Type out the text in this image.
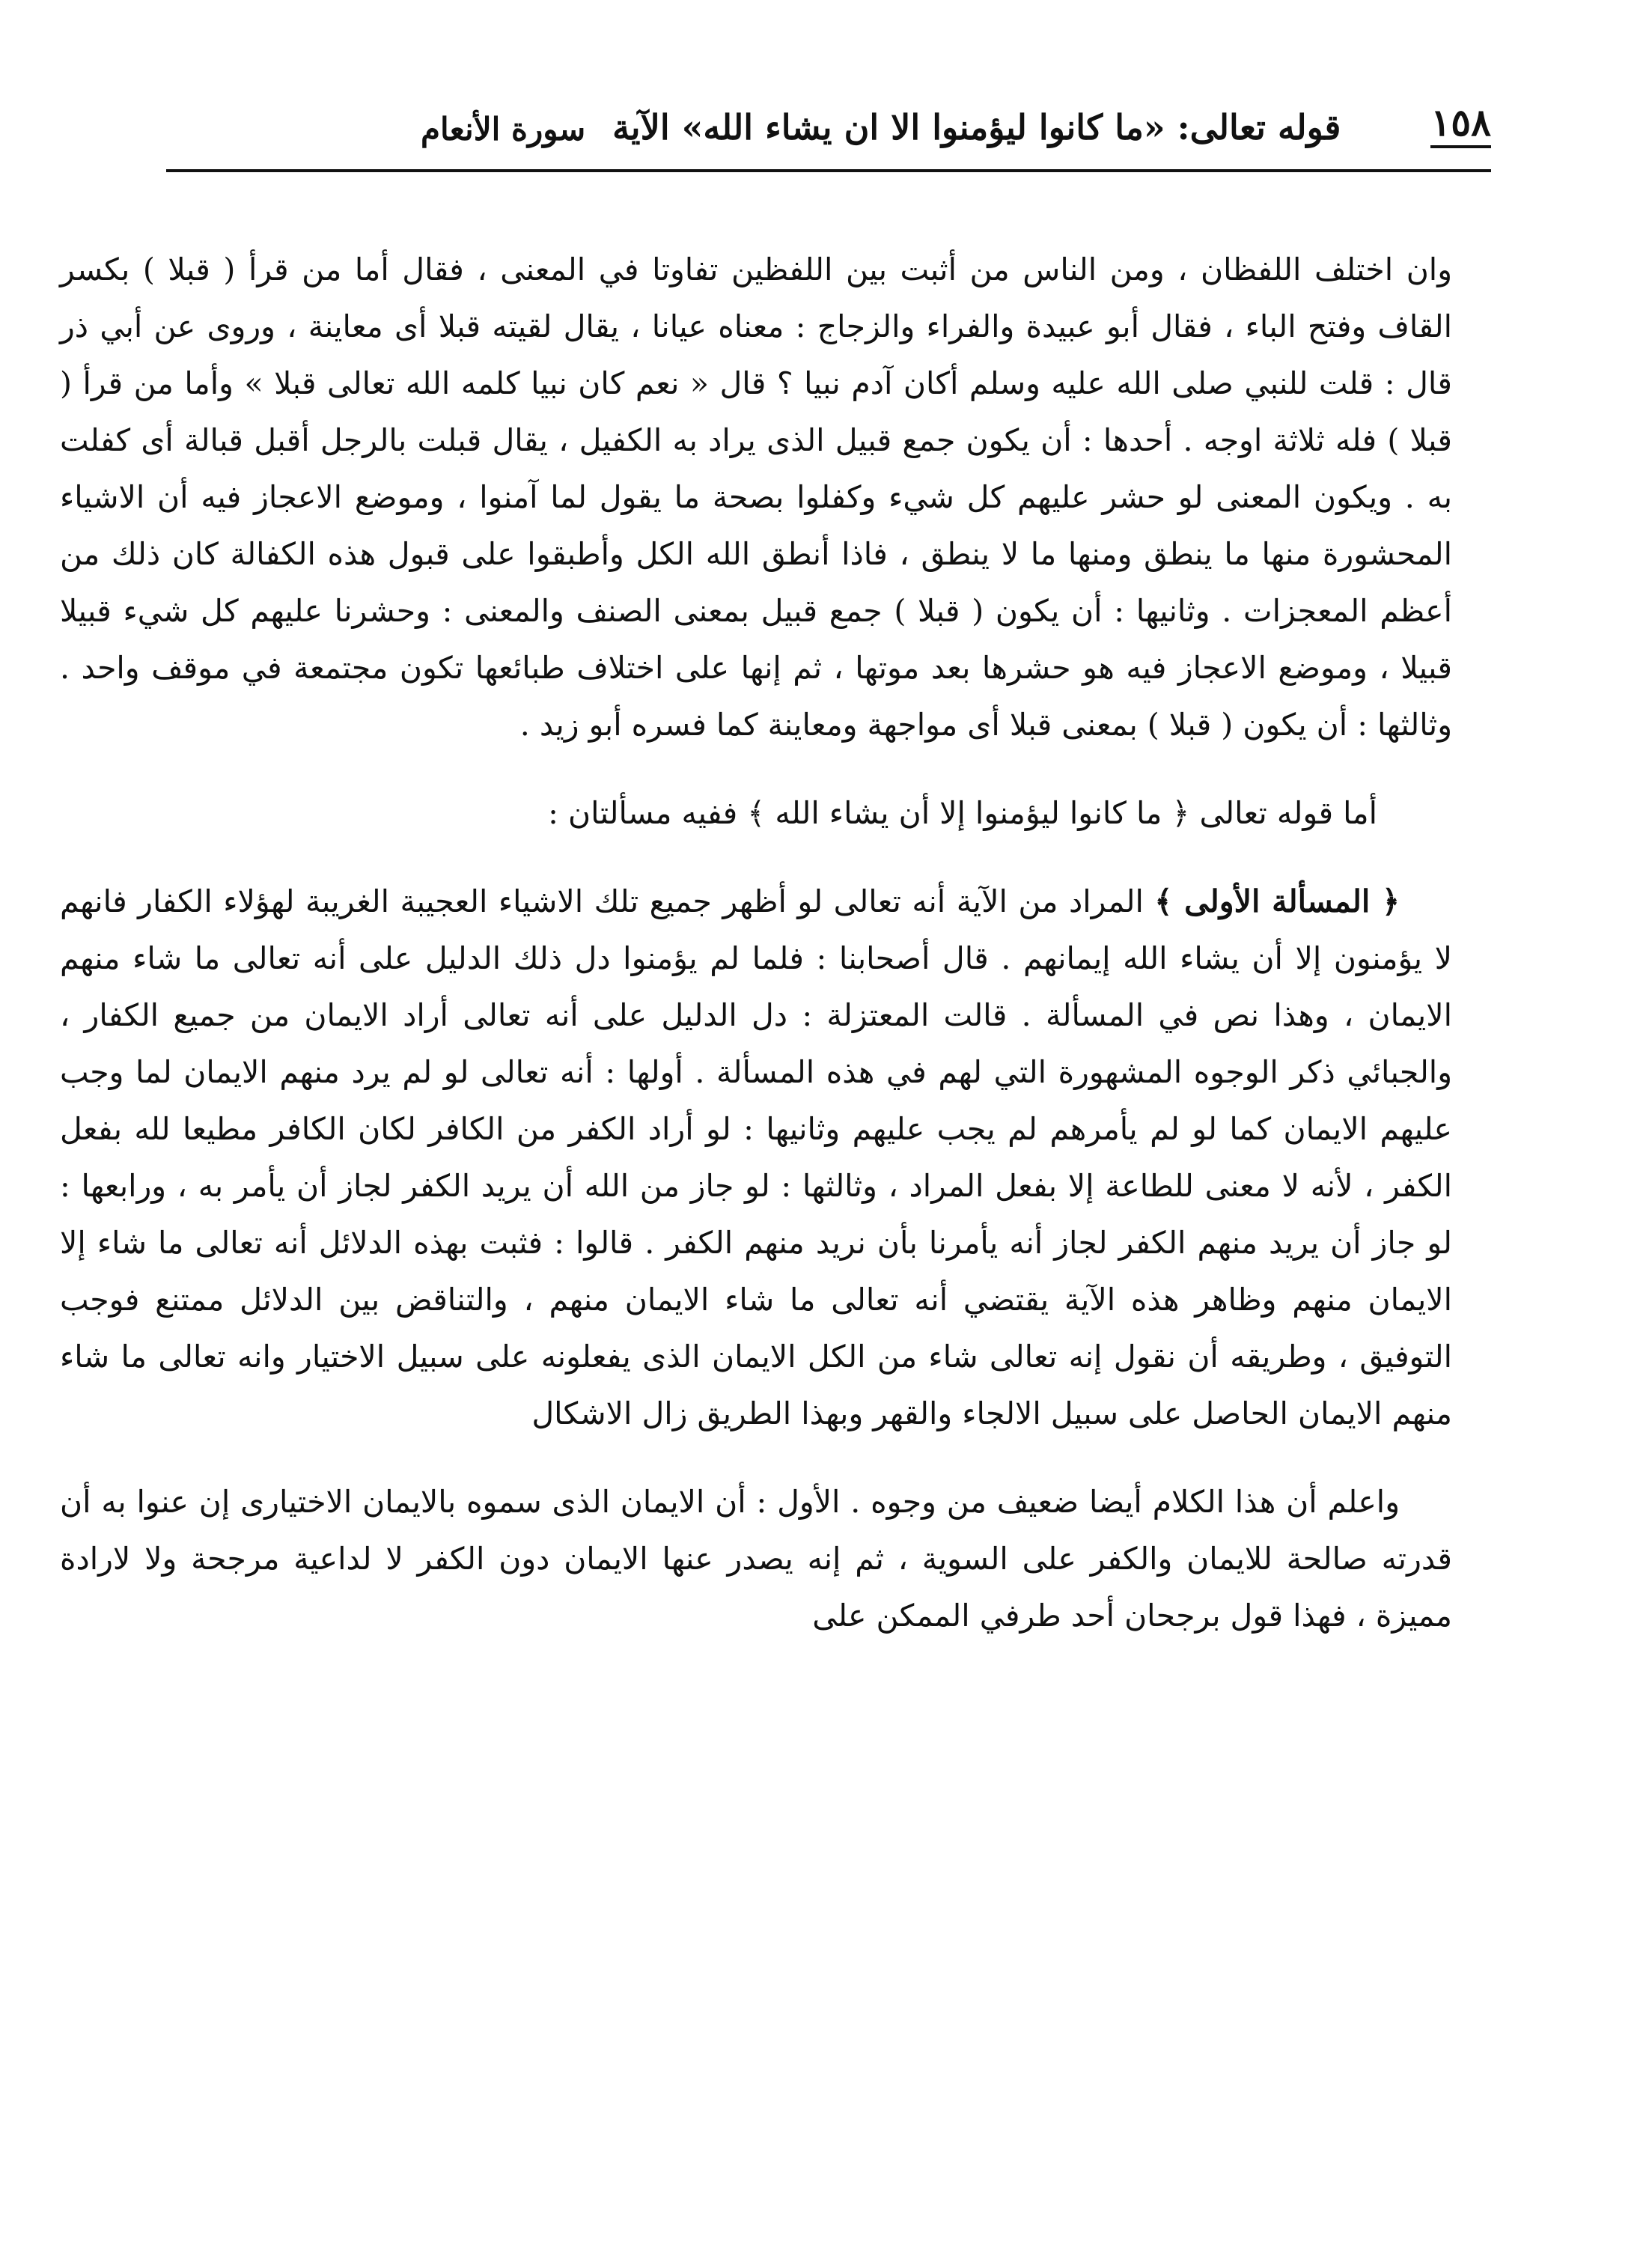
١٥٨
قوله تعالى: «ما كانوا ليؤمنوا الا ان يشاء الله» الآية
سورة الأنعام

وان اختلف اللفظان ، ومن الناس من أثبت بين اللفظين تفاوتا في المعنى ، فقال أما من قرأ ( قبلا ) بكسر القاف وفتح الباء ، فقال أبو عبيدة والفراء والزجاج : معناه عيانا ، يقال لقيته قبلا أى معاينة ، وروى عن أبي ذر قال : قلت للنبي صلى الله عليه وسلم أكان آدم نبيا ؟ قال « نعم كان نبيا كلمه الله تعالى قبلا » وأما من قرأ ( قبلا ) فله ثلاثة اوجه . أحدها : أن يكون جمع قبيل الذى يراد به الكفيل ، يقال قبلت بالرجل أقبل قبالة أى كفلت به . ويكون المعنى لو حشر عليهم كل شيء وكفلوا بصحة ما يقول لما آمنوا ، وموضع الاعجاز فيه أن الاشياء المحشورة منها ما ينطق ومنها ما لا ينطق ، فاذا أنطق الله الكل وأطبقوا على قبول هذه الكفالة كان ذلك من أعظم المعجزات . وثانيها : أن يكون ( قبلا ) جمع قبيل بمعنى الصنف والمعنى : وحشرنا عليهم كل شيء قبيلا قبيلا ، وموضع الاعجاز فيه هو حشرها بعد موتها ، ثم إنها على اختلاف طبائعها تكون مجتمعة في موقف واحد . وثالثها : أن يكون ( قبلا ) بمعنى قبلا أى مواجهة ومعاينة كما فسره أبو زيد .

أما قوله تعالى ﴿ ما كانوا ليؤمنوا إلا أن يشاء الله ﴾ ففيه مسألتان :

﴿ المسألة الأولى ﴾ المراد من الآية أنه تعالى لو أظهر جميع تلك الاشياء العجيبة الغريبة لهؤلاء الكفار فانهم لا يؤمنون إلا أن يشاء الله إيمانهم . قال أصحابنا : فلما لم يؤمنوا دل ذلك الدليل على أنه تعالى ما شاء منهم الايمان ، وهذا نص في المسألة . قالت المعتزلة : دل الدليل على أنه تعالى أراد الايمان من جميع الكفار ، والجبائي ذكر الوجوه المشهورة التي لهم في هذه المسألة . أولها : أنه تعالى لو لم يرد منهم الايمان لما وجب عليهم الايمان كما لو لم يأمرهم لم يجب عليهم وثانيها : لو أراد الكفر من الكافر لكان الكافر مطيعا لله بفعل الكفر ، لأنه لا معنى للطاعة إلا بفعل المراد ، وثالثها : لو جاز من الله أن يريد الكفر لجاز أن يأمر به ، ورابعها : لو جاز أن يريد منهم الكفر لجاز أنه يأمرنا بأن نريد منهم الكفر . قالوا : فثبت بهذه الدلائل أنه تعالى ما شاء إلا الايمان منهم وظاهر هذه الآية يقتضي أنه تعالى ما شاء الايمان منهم ، والتناقض بين الدلائل ممتنع فوجب التوفيق ، وطريقه أن نقول إنه تعالى شاء من الكل الايمان الذى يفعلونه على سبيل الاختيار وانه تعالى ما شاء منهم الايمان الحاصل على سبيل الالجاء والقهر وبهذا الطريق زال الاشكال

واعلم أن هذا الكلام أيضا ضعيف من وجوه . الأول : أن الايمان الذى سموه بالايمان الاختيارى إن عنوا به أن قدرته صالحة للايمان والكفر على السوية ، ثم إنه يصدر عنها الايمان دون الكفر لا لداعية مرجحة ولا لارادة مميزة ، فهذا قول برجحان أحد طرفي الممكن على
